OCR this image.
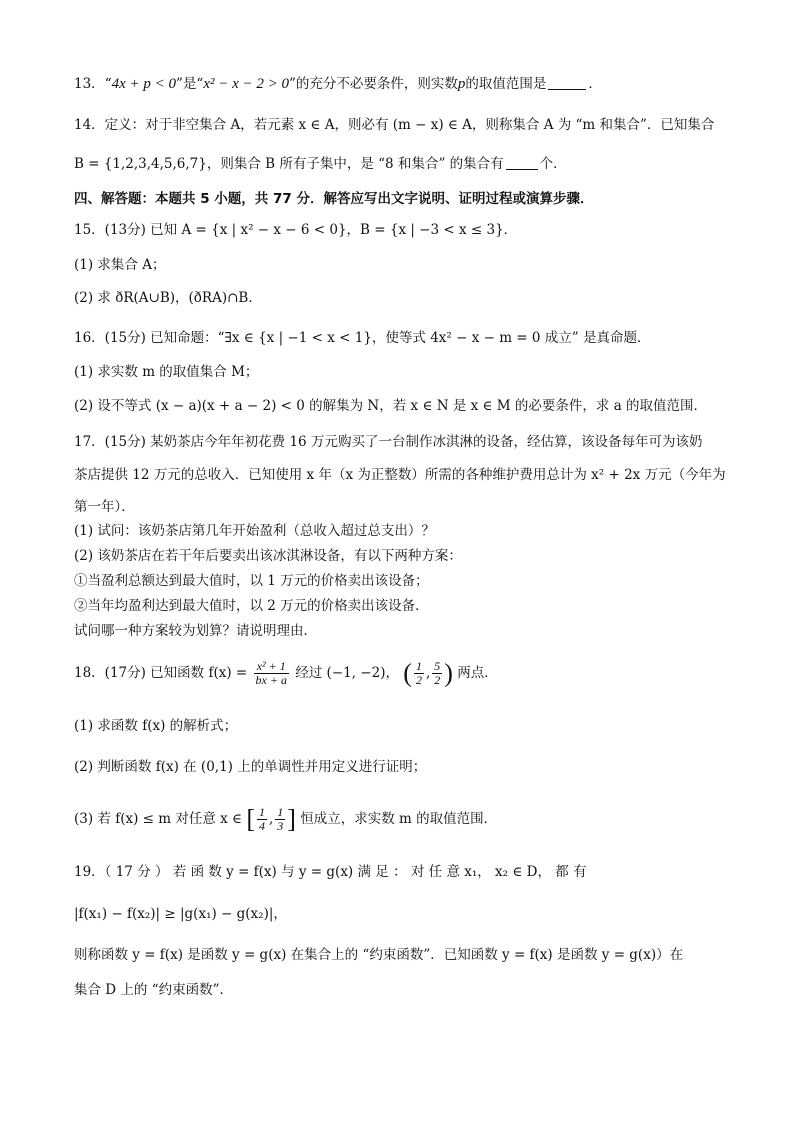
13．“4x + p < 0”是“x² − x − 2 > 0”的充分不必要条件，则实数p的取值范围是	．
14．定义：对于非空集合 A，若元素 x ∈ A，则必有 (m − x) ∈ A，则称集合 A 为 “m 和集合”．已知集合
B = {1,2,3,4,5,6,7}，则集合 B 所有子集中，是 “8 和集合” 的集合有	个．
四、解答题：本题共 5 小题，共 77 分．解答应写出文字说明、证明过程或演算步骤．
15．(13分) 已知 A = {x | x² − x − 6 < 0}，B = {x | −3 < x ≤ 3}．
(1) 求集合 A；
(2) 求 ðR(A∪B)，(ðRA)∩B．
16．(15分) 已知命题：“∃x ∈ {x | −1 < x < 1}，使等式 4x² − x − m = 0 成立” 是真命题．
(1) 求实数 m 的取值集合 M；
(2) 设不等式 (x − a)(x + a − 2) < 0 的解集为 N，若 x ∈ N 是 x ∈ M 的必要条件，求 a 的取值范围．
17．(15分) 某奶茶店今年年初花费 16 万元购买了一台制作冰淇淋的设备，经估算，该设备每年可为该奶
茶店提供 12 万元的总收入．已知使用 x 年（x 为正整数）所需的各种维护费用总计为 x² + 2x 万元（今年为
第一年）．
(1) 试问：该奶茶店第几年开始盈利（总收入超过总支出）？
(2) 该奶茶店在若干年后要卖出该冰淇淋设备，有以下两种方案：
①当盈利总额达到最大值时，以 1 万元的价格卖出该设备；
②当年均盈利达到最大值时，以 2 万元的价格卖出该设备．
试问哪一种方案较为划算？请说明理由．
18．(17分) 已知函数 $f(x) = \frac{\text{x² + 1}}{bx + a}$ 经过 (−1, −2)， ( $\frac{1}{2}$ , $\frac{5}{2}$ ) 两点．
(1) 求函数 f(x) 的解析式；
(2) 判断函数 f(x) 在 (0,1) 上的单调性并用定义进行证明；
(3) 若 f(x) ≤ m 对任意 x ∈ [ $\frac{1}{4}$ , $\frac{1}{3}$ ] 恒成立，求实数 m 的取值范围．
19．（ 17 分 ） 若 函 数 y = f(x) 与 y = g(x) 满 足 ： 对 任 意 x₁， x₂ ∈ D， 都 有
|f(x₁) − f(x₂)| ≥ |g(x₁) − g(x₂)|，
则称函数 y = f(x) 是函数 y = g(x) 在集合上的 “约束函数”．已知函数 y = f(x) 是函数 y = g(x)）在
集合 D 上的 “约束函数”．
